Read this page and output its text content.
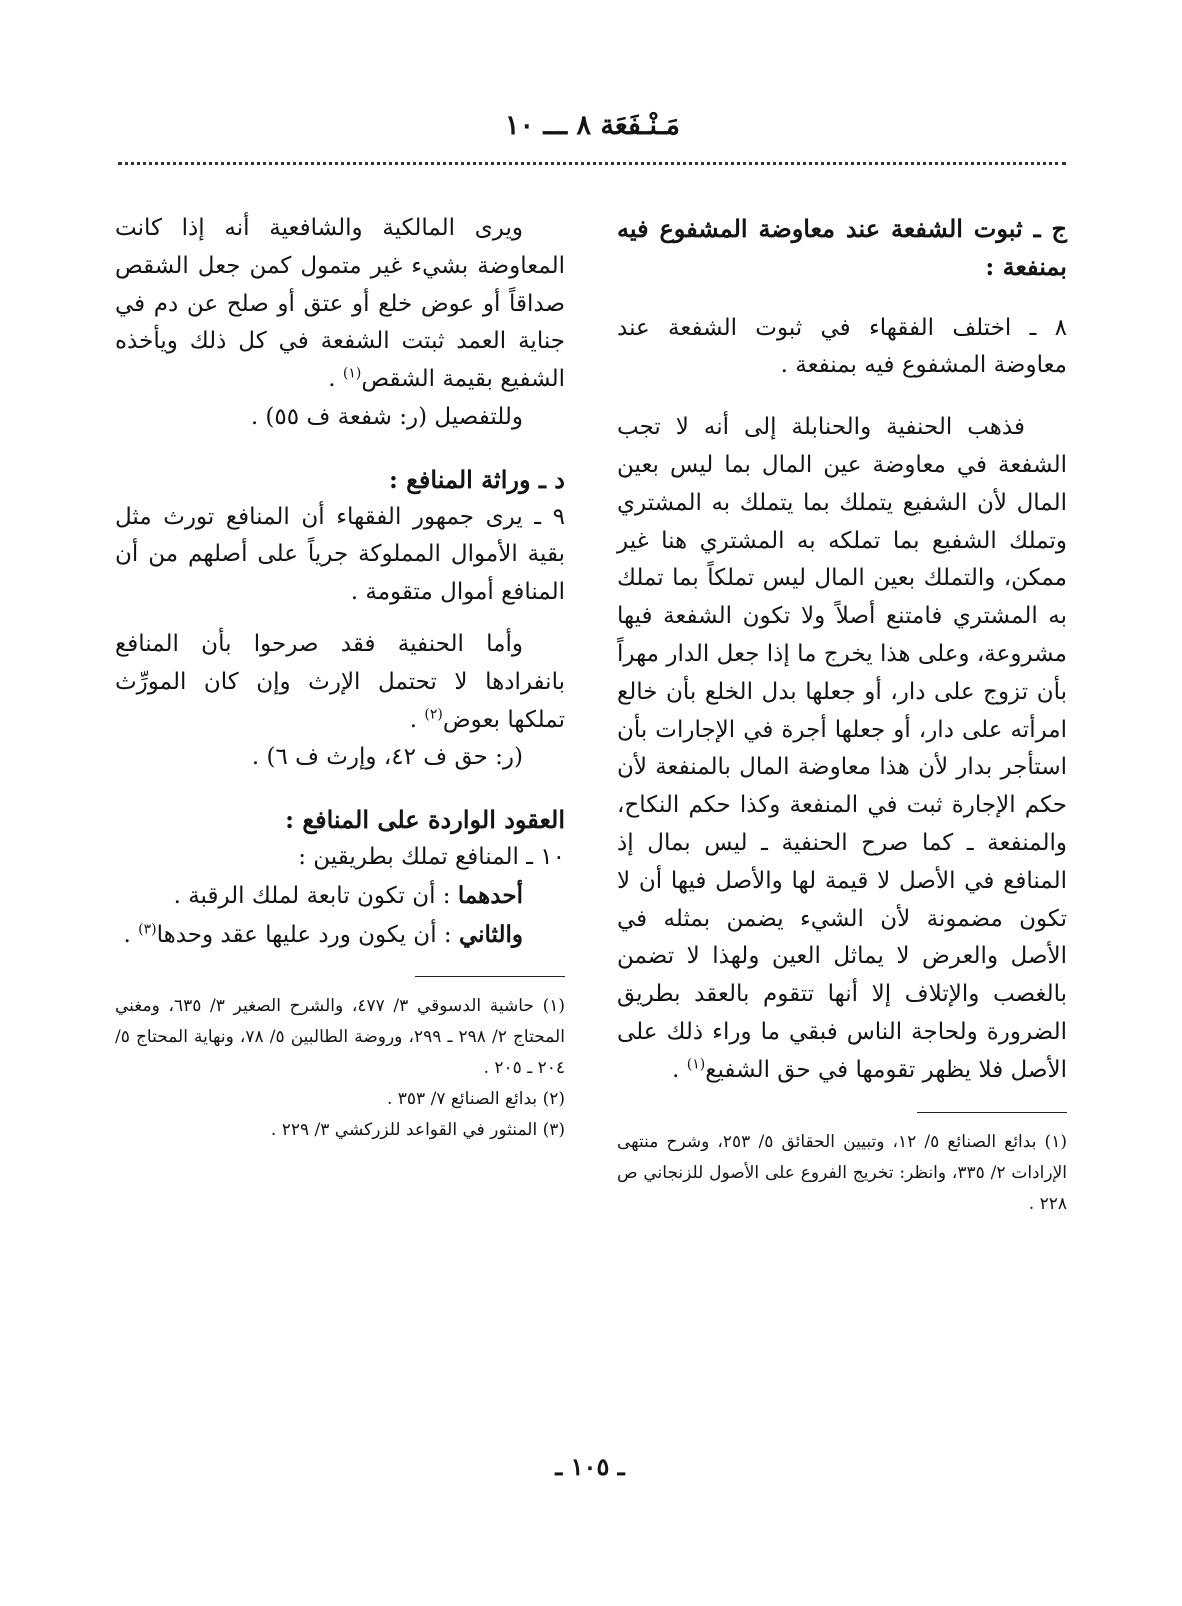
مَـنْـفَعَة ٨ ـــ ١٠

ج ـ ثبوت الشفعة عند معاوضة المشفوع فيه بمنفعة :

٨ ـ اختلف الفقهاء في ثبوت الشفعة عند معاوضة المشفوع فيه بمنفعة .

فذهب الحنفية والحنابلة إلى أنه لا تجب الشفعة في معاوضة عين المال بما ليس بعين المال لأن الشفيع يتملك بما يتملك به المشتري وتملك الشفيع بما تملكه به المشتري هنا غير ممكن، والتملك بعين المال ليس تملكاً بما تملك به المشتري فامتنع أصلاً ولا تكون الشفعة فيها مشروعة، وعلى هذا يخرج ما إذا جعل الدار مهراً بأن تزوج على دار، أو جعلها بدل الخلع بأن خالع امرأته على دار، أو جعلها أجرة في الإجارات بأن استأجر بدار لأن هذا معاوضة المال بالمنفعة لأن حكم الإجارة ثبت في المنفعة وكذا حكم النكاح، والمنفعة ـ كما صرح الحنفية ـ ليس بمال إذ المنافع في الأصل لا قيمة لها والأصل فيها أن لا تكون مضمونة لأن الشيء يضمن بمثله في الأصل والعرض لا يماثل العين ولهذا لا تضمن بالغصب والإتلاف إلا أنها تتقوم بالعقد بطريق الضرورة ولحاجة الناس فبقي ما وراء ذلك على الأصل فلا يظهر تقومها في حق الشفيع$^{(١)}$ .

(١) بدائع الصنائع ٥/ ١٢، وتبيين الحقائق ٥/ ٢٥٣، وشرح منتهى الإرادات ٢/ ٣٣٥، وانظر: تخريج الفروع على الأصول للزنجاني ص ٢٢٨ .

ويرى المالكية والشافعية أنه إذا كانت المعاوضة بشيء غير متمول كمن جعل الشقص صداقاً أو عوض خلع أو عتق أو صلح عن دم في جناية العمد ثبتت الشفعة في كل ذلك ويأخذه الشفيع بقيمة الشقص$^{(١)}$ .

وللتفصيل (ر: شفعة ف ٥٥) .

د ـ وراثة المنافع :

٩ ـ يرى جمهور الفقهاء أن المنافع تورث مثل بقية الأموال المملوكة جرياً على أصلهم من أن المنافع أموال متقومة .

وأما الحنفية فقد صرحوا بأن المنافع بانفرادها لا تحتمل الإرث وإن كان المورِّث تملكها بعوض$^{(٢)}$ .

(ر: حق ف ٤٢، وإرث ف ٦) .

العقود الواردة على المنافع :

١٠ ـ المنافع تملك بطريقين :

أحدهما : أن تكون تابعة لملك الرقبة .

والثاني : أن يكون ورد عليها عقد وحدها$^{(٣)}$ .

(١) حاشية الدسوقي ٣/ ٤٧٧، والشرح الصغير ٣/ ٦٣٥، ومغني المحتاج ٢/ ٢٩٨ ـ ٢٩٩، وروضة الطالبين ٥/ ٧٨، ونهاية المحتاج ٥/ ٢٠٤ ـ ٢٠٥ .

(٢) بدائع الصنائع ٧/ ٣٥٣ .

(٣) المنثور في القواعد للزركشي ٣/ ٢٢٩ .

ـ ١٠٥ ـ
